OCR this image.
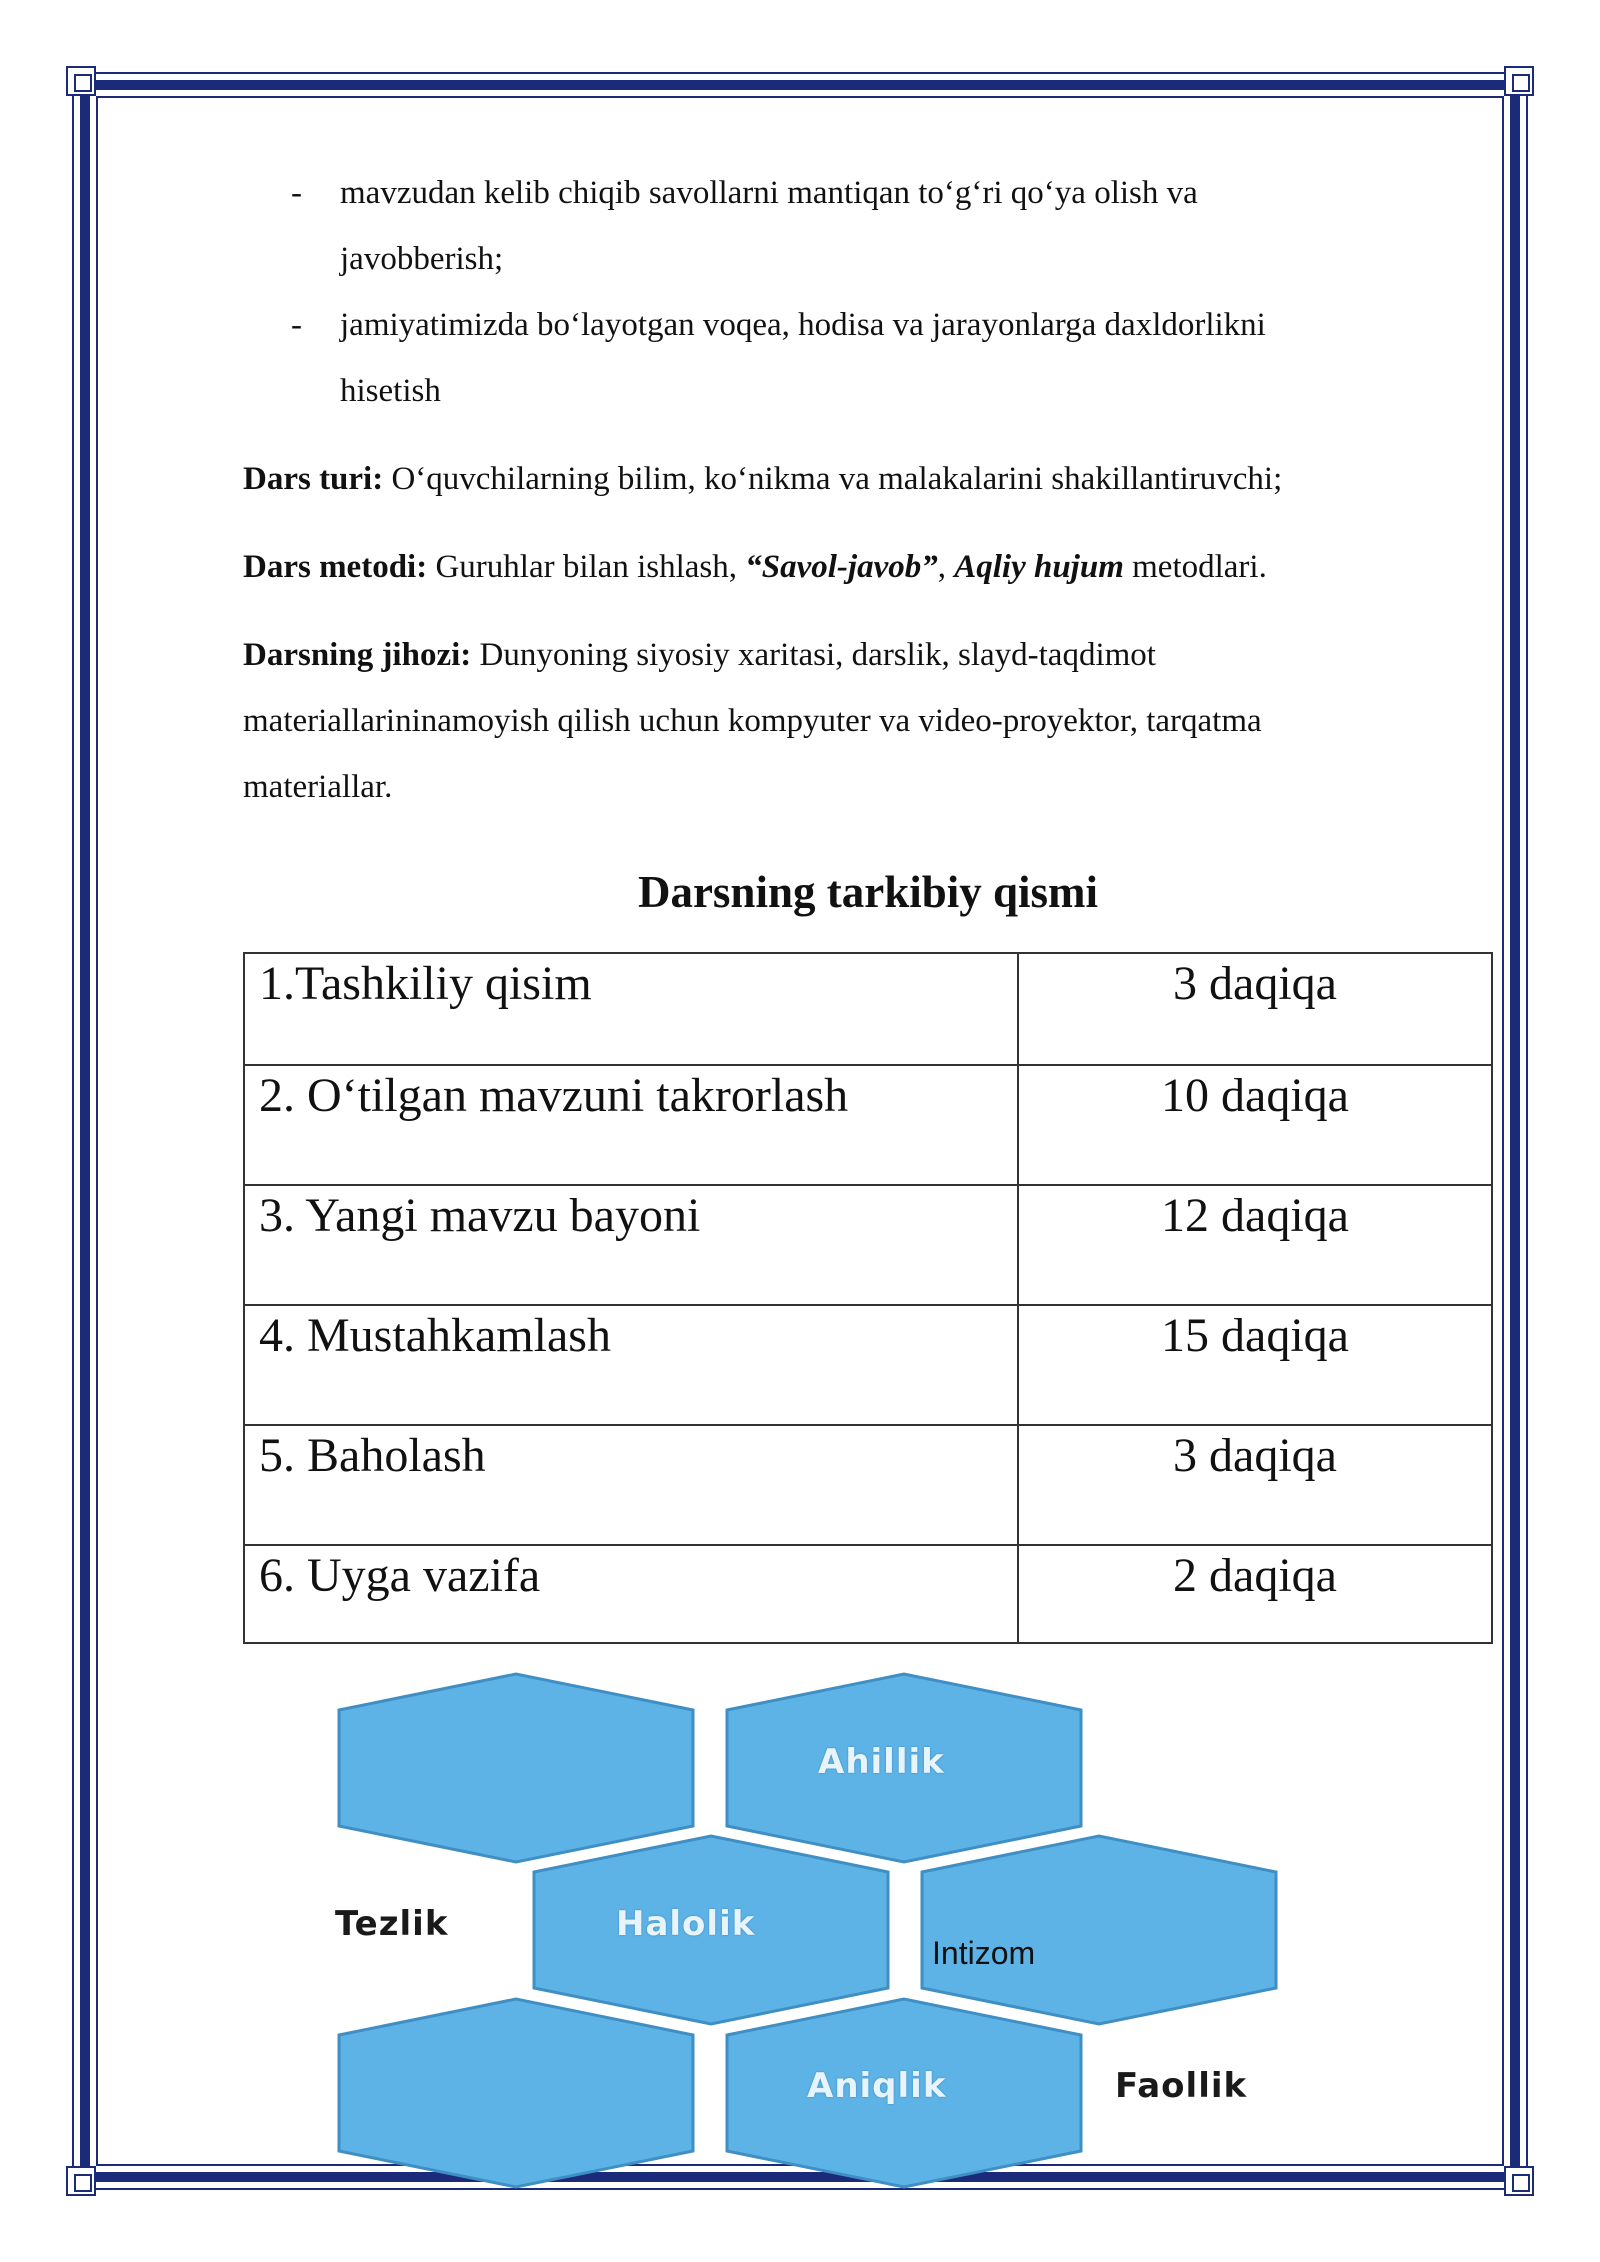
- mavzudan kelib chiqib savollarni mantiqan to‘g‘ri qo‘ya olish va
javobberish;
- jamiyatimizda bo‘layotgan voqea, hodisa va jarayonlarga daxldorlikni
hisetish
Dars turi: O‘quvchilarning bilim, ko‘nikma va malakalarini shakillantiruvchi;
Dars metodi: Guruhlar bilan ishlash, “Savol-javob”, Aqliy hujum metodlari.
Darsning jihozi: Dunyoning siyosiy xaritasi, darslik, slayd-taqdimot
materiallarininamoyish qilish uchun kompyuter va video-proyektor, tarqatma
materiallar.
Darsning tarkibiy qismi
1.Tashkiliy qisim	3 daqiqa
2. O‘tilgan mavzuni takrorlash	10 daqiqa
3. Yangi mavzu bayoni	12 daqiqa
4. Mustahkamlash	15 daqiqa
5. Baholash	3 daqiqa
6. Uyga vazifa	2 daqiqa
Ahillik
Tezlik	Halolik
Intizom
Aniqlik	Faollik
